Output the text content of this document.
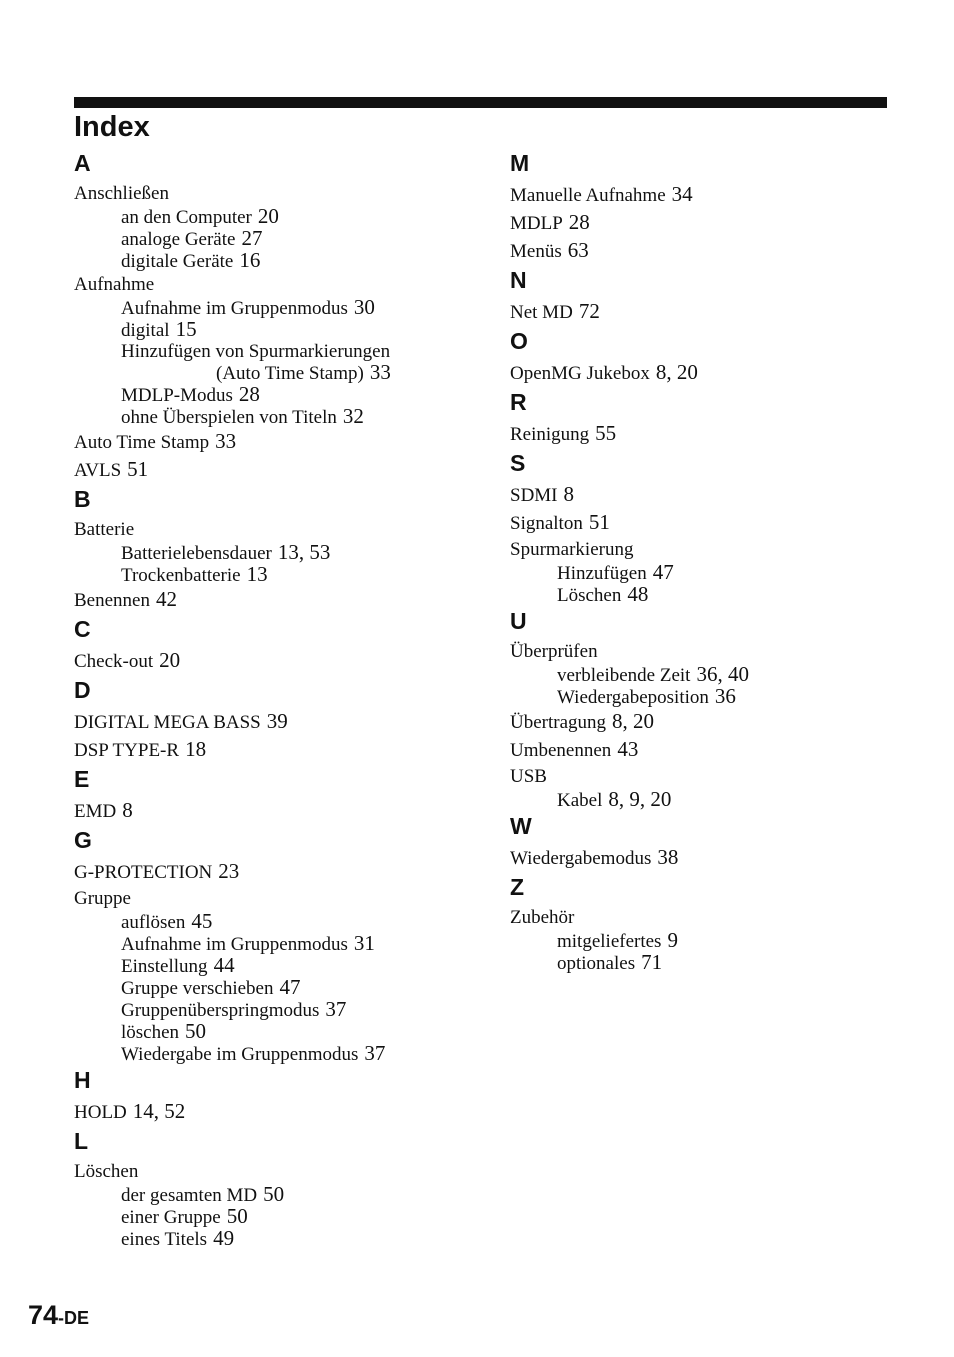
Index
A
Anschließen
an den Computer 20
analoge Geräte 27
digitale Geräte 16
Aufnahme
Aufnahme im Gruppenmodus 30
digital 15
Hinzufügen von Spurmarkierungen
(Auto Time Stamp) 33
MDLP-Modus 28
ohne Überspielen von Titeln 32
Auto Time Stamp 33
AVLS 51
B
Batterie
Batterielebensdauer 13, 53
Trockenbatterie 13
Benennen 42
C
Check-out 20
D
DIGITAL MEGA BASS 39
DSP TYPE-R 18
E
EMD 8
G
G-PROTECTION 23
Gruppe
auflösen 45
Aufnahme im Gruppenmodus 31
Einstellung 44
Gruppe verschieben 47
Gruppenüberspringmodus 37
löschen 50
Wiedergabe im Gruppenmodus 37
H
HOLD 14, 52
L
Löschen
der gesamten MD 50
einer Gruppe 50
eines Titels 49
M
Manuelle Aufnahme 34
MDLP 28
Menüs 63
N
Net MD 72
O
OpenMG Jukebox 8, 20
R
Reinigung 55
S
SDMI 8
Signalton 51
Spurmarkierung
Hinzufügen 47
Löschen 48
U
Überprüfen
verbleibende Zeit 36, 40
Wiedergabeposition 36
Übertragung 8, 20
Umbenennen 43
USB
Kabel 8, 9, 20
W
Wiedergabemodus 38
Z
Zubehör
mitgeliefertes 9
optionales 71
74-DE
